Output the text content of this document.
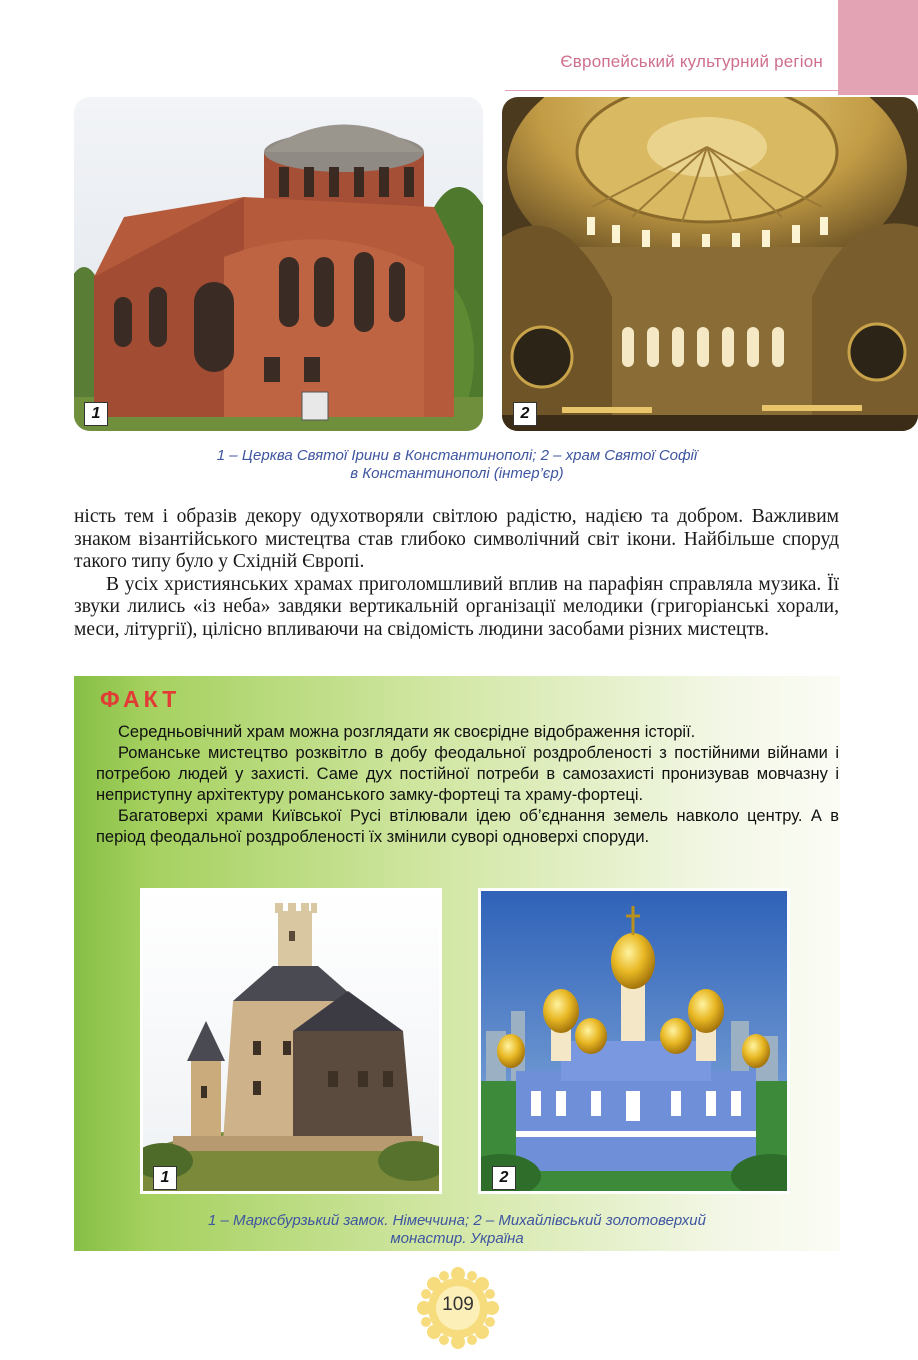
Європейський культурний регіон
1	2
1 – Церква Святої Ірини в Константинополі; 2 – храм Святої Софії
в Константинополі (інтер’єр)

ність тем і образів декору одухотворяли світлою радістю, надією та добром. Важливим знаком візантійського мистецтва став глибоко символічний світ ікони. Найбільше споруд такого типу було у Східній Європі.

В усіх християнських храмах приголомшливий вплив на парафіян справляла музика. Її звуки лились «із неба» завдяки вертикальній організації мелодики (григоріанські хорали, меси, літургії), цілісно впливаючи на свідомість людини засобами різних мистецтв.

ФАКТ

Середньовічний храм можна розглядати як своєрідне відображення історії.

Романське мистецтво розквітло в добу феодальної роздробленості з постійними війнами і потребою людей у захисті. Саме дух постійної потреби в самозахисті пронизував мовчазну і неприступну архітектуру романського замку-фортеці та храму-фортеці.

Багатоверхі храми Київської Русі втілювали ідею об’єднання земель навколо центру. А в період феодальної роздробленості їх змінили суворі одноверхі споруди.

1	2
1 – Марксбурзький замок. Німеччина; 2 – Михайлівський золотоверхий
монастир. Україна
109
